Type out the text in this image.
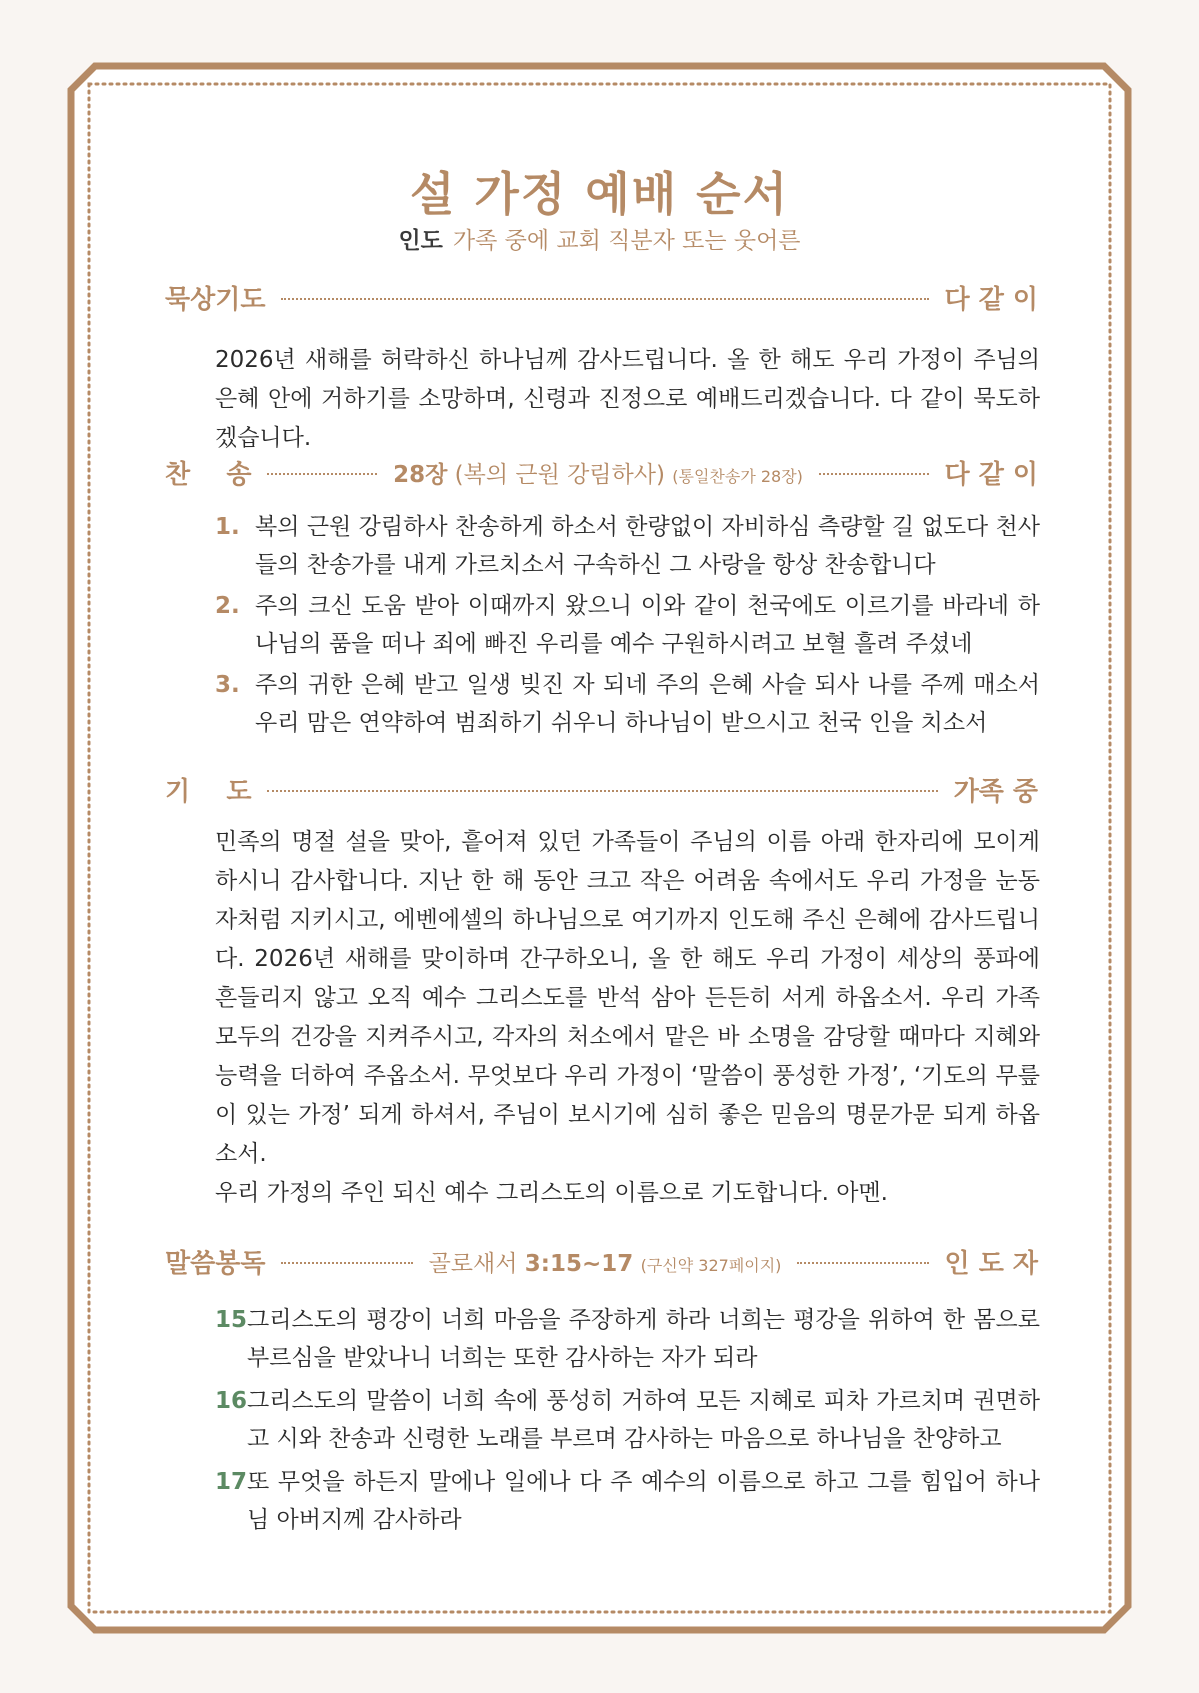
설 가정 예배 순서
인도 가족 중에 교회 직분자 또는 웃어른
묵상기도	다 같 이

2026년 새해를 허락하신 하나님께 감사드립니다. 올 한 해도 우리 가정이 주님의 은혜 안에 거하기를 소망하며, 신령과 진정으로 예배드리겠습니다. 다 같이 묵도하겠습니다.

찬    송	28장 (복의 근원 강림하사) (통일찬송가 28장)	다 같 이
1. 복의 근원 강림하사 찬송하게 하소서 한량없이 자비하심 측량할 길 없도다 천사들의 찬송가를 내게 가르치소서 구속하신 그 사랑을 항상 찬송합니다
2. 주의 크신 도움 받아 이때까지 왔으니 이와 같이 천국에도 이르기를 바라네 하나님의 품을 떠나 죄에 빠진 우리를 예수 구원하시려고 보혈 흘려 주셨네
3. 주의 귀한 은혜 받고 일생 빚진 자 되네 주의 은혜 사슬 되사 나를 주께 매소서 우리 맘은 연약하여 범죄하기 쉬우니 하나님이 받으시고 천국 인을 치소서
기    도	가족 중

민족의 명절 설을 맞아, 흩어져 있던 가족들이 주님의 이름 아래 한자리에 모이게 하시니 감사합니다. 지난 한 해 동안 크고 작은 어려움 속에서도 우리 가정을 눈동자처럼 지키시고, 에벤에셀의 하나님으로 여기까지 인도해 주신 은혜에 감사드립니다. 2026년 새해를 맞이하며 간구하오니, 올 한 해도 우리 가정이 세상의 풍파에 흔들리지 않고 오직 예수 그리스도를 반석 삼아 든든히 서게 하옵소서. 우리 가족 모두의 건강을 지켜주시고, 각자의 처소에서 맡은 바 소명을 감당할 때마다 지혜와 능력을 더하여 주옵소서. 무엇보다 우리 가정이 ‘말씀이 풍성한 가정’, ‘기도의 무릎이 있는 가정’ 되게 하셔서, 주님이 보시기에 심히 좋은 믿음의 명문가문 되게 하옵소서.

우리 가정의 주인 되신 예수 그리스도의 이름으로 기도합니다. 아멘.

말씀봉독	골로새서 3:15~17 (구신약 327페이지)	인 도 자
15 그리스도의 평강이 너희 마음을 주장하게 하라 너희는 평강을 위하여 한 몸으로 부르심을 받았나니 너희는 또한 감사하는 자가 되라
16 그리스도의 말씀이 너희 속에 풍성히 거하여 모든 지혜로 피차 가르치며 권면하고 시와 찬송과 신령한 노래를 부르며 감사하는 마음으로 하나님을 찬양하고
17 또 무엇을 하든지 말에나 일에나 다 주 예수의 이름으로 하고 그를 힘입어 하나님 아버지께 감사하라
